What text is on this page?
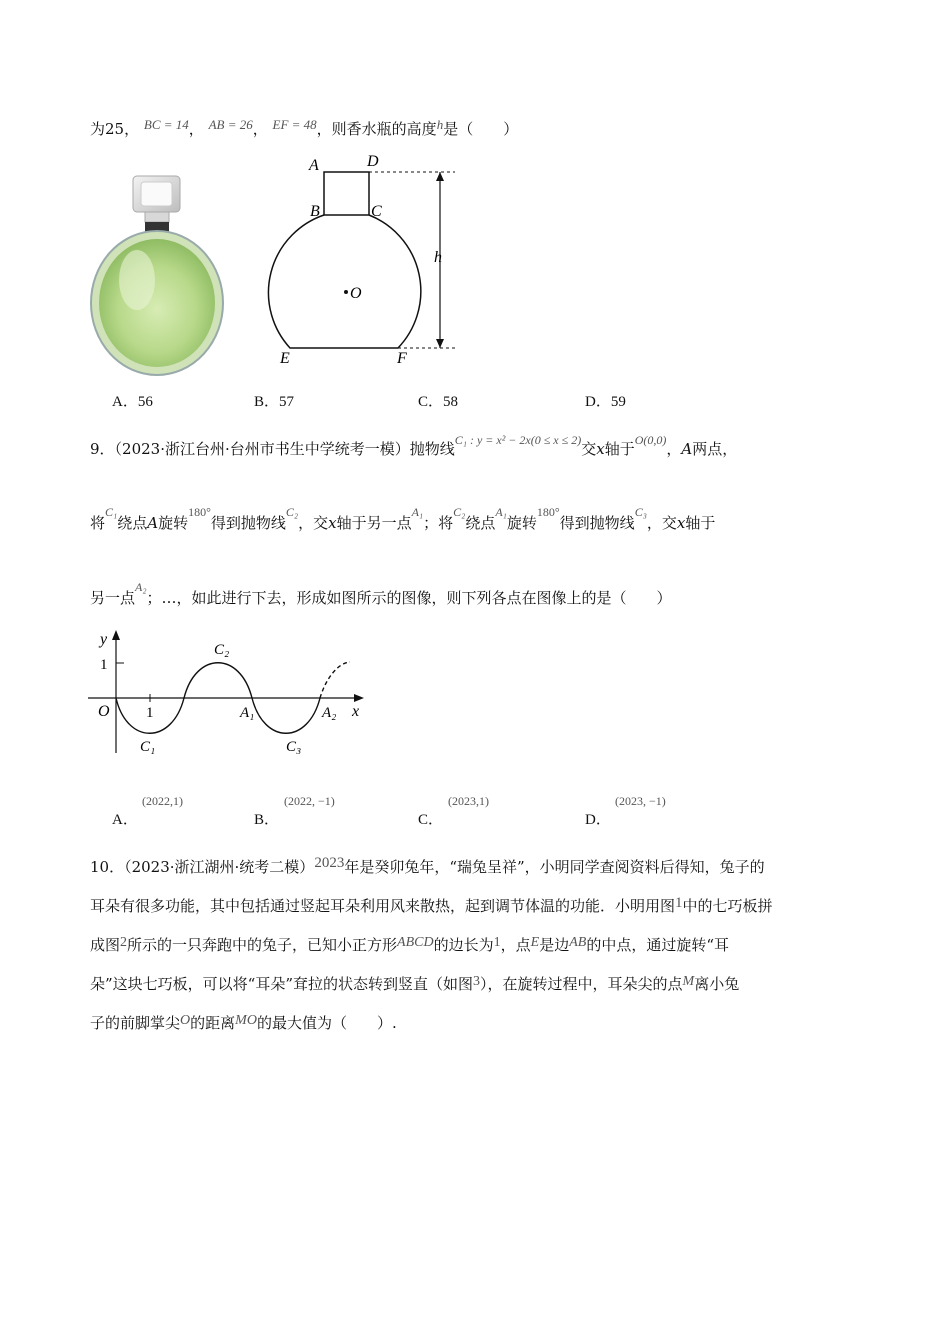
为25， BC = 14， AB = 26， EF = 48，则香水瓶的高度h是（　　）
A	D
B	C
O
h
E	F
A．56	B．57	C．58	D．59
9．（2023·浙江台州·台州市书生中学统考一模）抛物线$^{C_1 : y = x^2 - 2x(0 \le x \le 2)}$交x轴于$^{O(0,0)}$，A两点，
将$^{C_1}$绕点A旋转$^{180^\circ}$得到抛物线$^{C_2}$，交x轴于另一点$^{A_1}$；将$^{C_2}$绕点$^{A_1}$旋转$^{180^\circ}$得到抛物线$^{C_3}$，交x轴于
另一点$^{A_2}$；…，如此进行下去，形成如图所示的图像，则下列各点在图像上的是（　　）
y
x
1
1
O
C₁
C₂
C₃
A₁	A₂
A．
(2022,1)
B．
(2022, −1)
C．
(2023,1)
D．
(2023, −1)
10．（2023·浙江湖州·统考二模）2023年是癸卯兔年，“瑞兔呈祥”，小明同学查阅资料后得知，兔子的
耳朵有很多功能，其中包括通过竖起耳朵利用风来散热，起到调节体温的功能．小明用图1中的七巧板拼
成图2所示的一只奔跑中的兔子，已知小正方形ABCD的边长为1，点E是边AB的中点，通过旋转“耳
朵”这块七巧板，可以将“耳朵”耷拉的状态转到竖直（如图3），在旋转过程中，耳朵尖的点M离小兔
子的前脚掌尖O的距离MO的最大值为（　　）.
